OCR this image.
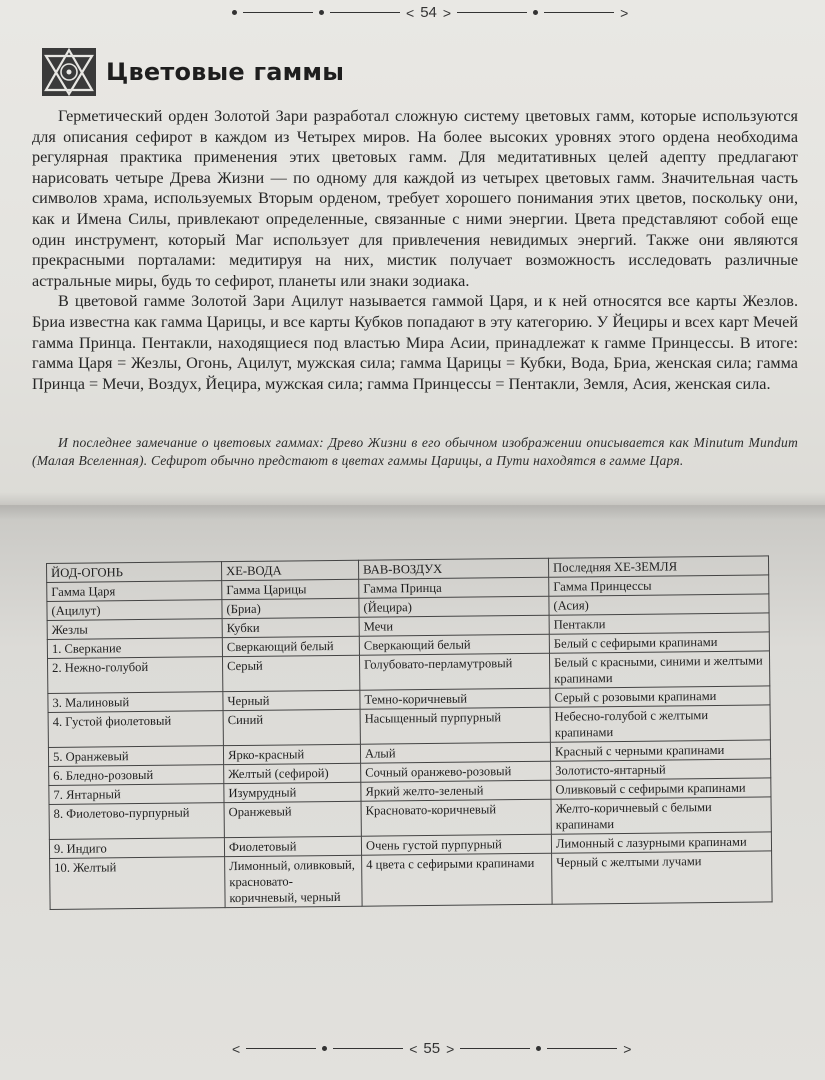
< 54 >	>
Цветовые гаммы

Герметический орден Золотой Зари разработал сложную систему цветовых гамм, которые используются для описания сефирот в каждом из Четырех миров. На более высоких уровнях этого ордена необходима регулярная практика применения этих цветовых гамм. Для медитативных целей адепту предлагают нарисовать четыре Древа Жизни — по одному для каждой из четырех цветовых гамм. Значительная часть символов храма, используемых Вторым орденом, требует хорошего понимания этих цветов, поскольку они, как и Имена Силы, привлекают определенные, связанные с ними энергии. Цвета представляют собой еще один инструмент, который Маг использует для привлечения невидимых энергий. Также они являются прекрасными порталами: медитируя на них, мистик получает возможность исследовать различные астральные миры, будь то сефирот, планеты или знаки зодиака.

В цветовой гамме Золотой Зари Ацилут называется гаммой Царя, и к ней относятся все карты Жезлов. Бриа известна как гамма Царицы, и все карты Кубков попадают в эту категорию. У Йециры и всех карт Мечей гамма Принца. Пентакли, находящиеся под властью Мира Асии, принадлежат к гамме Принцессы. В итоге: гамма Царя = Жезлы, Огонь, Ацилут, мужская сила; гамма Царицы = Кубки, Вода, Бриа, женская сила; гамма Принца = Мечи, Воздух, Йецира, мужская сила; гамма Принцессы = Пентакли, Земля, Асия, женская сила.

И последнее замечание о цветовых гаммах: Древо Жизни в его обычном изображении описывается как Minutum Mundum (Малая Вселенная). Сефирот обычно предстают в цветах гаммы Царицы, а Пути находятся в гамме Царя.

ЙОД-ОГОНЬ	ХЕ-ВОДА	ВАВ-ВОЗДУХ	Последняя ХЕ-ЗЕМЛЯ
Гамма Царя	Гамма Царицы	Гамма Принца	Гамма Принцессы
(Ацилут)	(Бриа)	(Йецира)	(Асия)
Жезлы	Кубки	Мечи	Пентакли
1. Сверкание	Сверкающий белый	Сверкающий белый	Белый с сефирыми крапинами
2. Нежно-голубой	Серый	Голубовато-перламутровый	Белый с красными, синими и желтыми крапинами
3. Малиновый	Черный	Темно-коричневый	Серый с розовыми крапинами
4. Густой фиолетовый	Синий	Насыщенный пурпурный	Небесно-голубой с желтыми крапинами
5. Оранжевый	Ярко-красный	Алый	Красный с черными крапинами
6. Бледно-розовый	Желтый (сефирой)	Сочный оранжево-розовый	Золотисто-янтарный
7. Янтарный	Изумрудный	Яркий желто-зеленый	Оливковый с сефирыми крапинами
8. Фиолетово-пурпурный	Оранжевый	Красновато-коричневый	Желто-коричневый с белыми крапинами
9. Индиго	Фиолетовый	Очень густой пурпурный	Лимонный с лазурными крапинами
10. Желтый	Лимонный, оливковый, красновато-коричневый, черный	4 цвета с сефирыми крапинами	Черный с желтыми лучами
<	< 55 >	>
